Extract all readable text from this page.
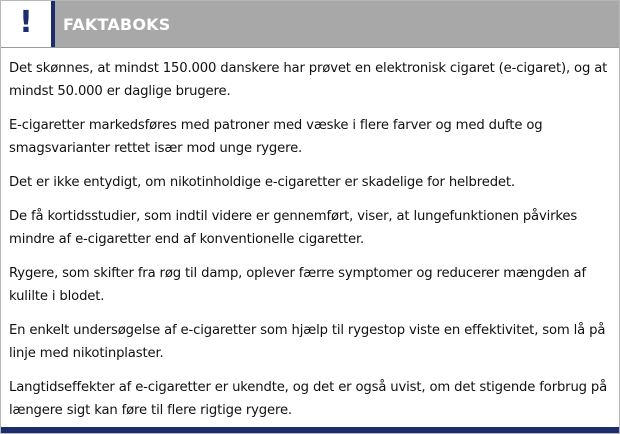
!	FAKTABOKS

Det skønnes, at mindst 150.000 danskere har prøvet en elektronisk cigaret (e-cigaret), og at mindst 50.000 er daglige brugere.

E-cigaretter markedsføres med patroner med væske i flere farver og med dufte og smagsvarianter rettet især mod unge rygere.

Det er ikke entydigt, om nikotinholdige e-cigaretter er skadelige for helbredet.

De få kortidsstudier, som indtil videre er gennemført, viser, at lungefunktionen påvirkes mindre af e-cigaretter end af konventionelle cigaretter.

Rygere, som skifter fra røg til damp, oplever færre symptomer og reducerer mængden af kulilte i blodet.

En enkelt undersøgelse af e-cigaretter som hjælp til rygestop viste en effektivitet, som lå på linje med nikotinplaster.

Langtidseffekter af e-cigaretter er ukendte, og det er også uvist, om det stigende forbrug på længere sigt kan føre til flere rigtige rygere.
